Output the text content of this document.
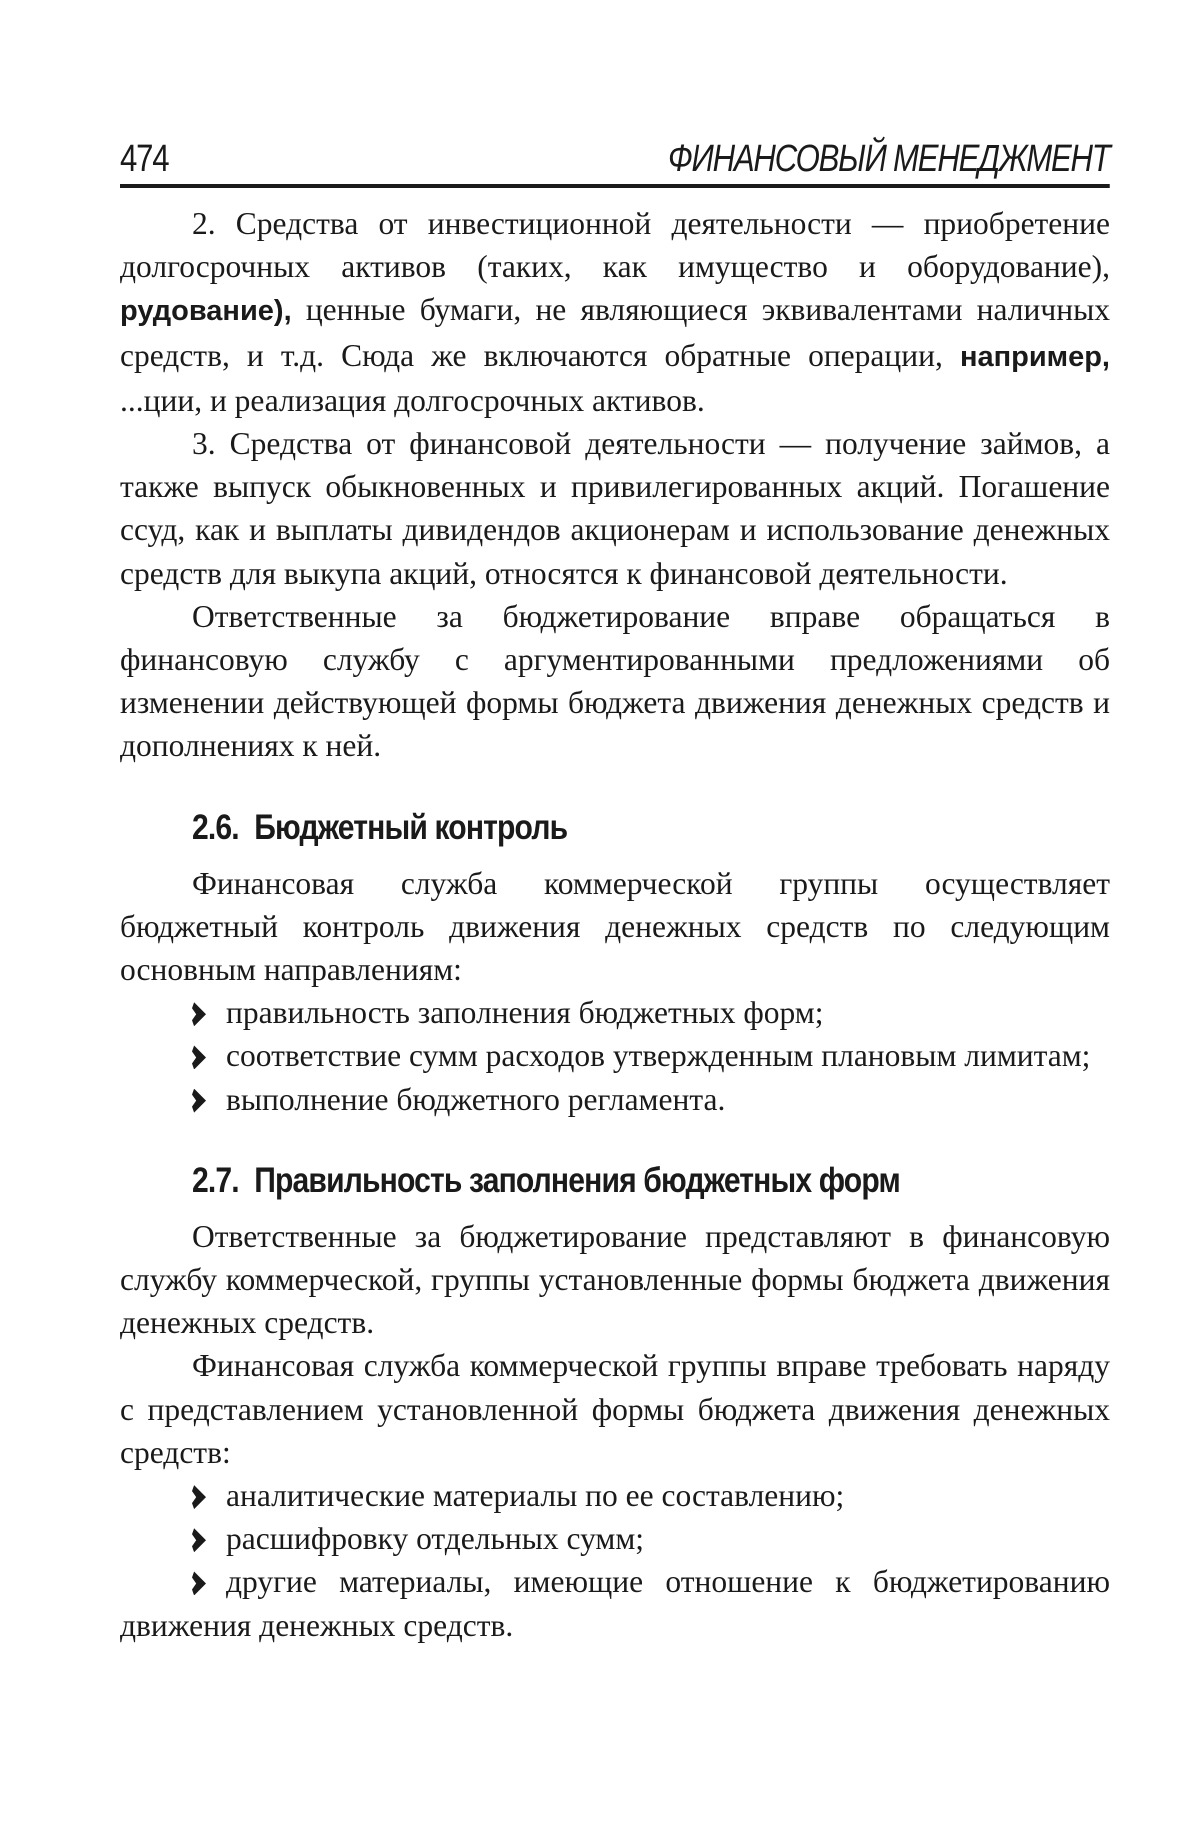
474	ФИНАНСОВЫЙ МЕНЕДЖМЕНТ

2. Средства от инвестиционной деятельности — приобретение долгосрочных активов (таких, как имущество и оборудование), рудование), ценные бумаги, не являющиеся эквивалентами наличных средств, и т.д. Сюда же включаются обратные операции, например, ...ции, и реализация долгосрочных активов.

3. Средства от финансовой деятельности — получение займов, а также выпуск обыкновенных и привилегированных акций. Погашение ссуд, как и выплаты дивидендов акционерам и использование денежных средств для выкупа акций, относятся к финансовой деятельности.

Ответственные за бюджетирование вправе обращаться в финансовую службу с аргументированными предложениями об изменении действующей формы бюджета движения денежных средств и дополнениях к ней.

2.6. Бюджетный контроль

Финансовая служба коммерческой группы осуществляет бюджетный контроль движения денежных средств по следующим основным направлениям:

правильность заполнения бюджетных форм;
соответствие сумм расходов утвержденным плановым лимитам;
выполнение бюджетного регламента.
2.7. Правильность заполнения бюджетных форм

Ответственные за бюджетирование представляют в финансовую службу коммерческой, группы установленные формы бюджета движения денежных средств.

Финансовая служба коммерческой группы вправе требовать наряду с представлением установленной формы бюджета движения денежных средств:

аналитические материалы по ее составлению;
расшифровку отдельных сумм;
другие материалы, имеющие отношение к бюджетированию движения денежных средств.
